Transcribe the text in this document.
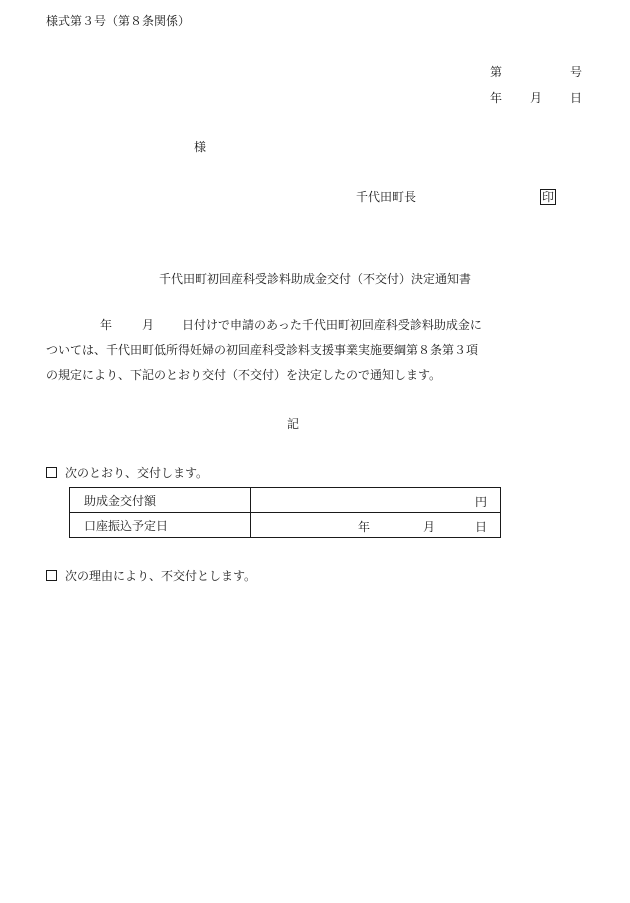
様式第３号（第８条関係）
第	号
年 月 日
様
千代田町長	印
千代田町初回産科受診料助成金交付（不交付）決定通知書
年	月 日付けで申請のあった千代田町初回産科受診料助成金に
ついては、千代田町低所得妊婦の初回産科受診料支援事業実施要綱第８条第３項
の規定により、下記のとおり交付（不交付）を決定したので通知します。
記
次のとおり、交付します。
助成金交付額	円

口座振込予定日	年 月 日
次の理由により、不交付とします。
